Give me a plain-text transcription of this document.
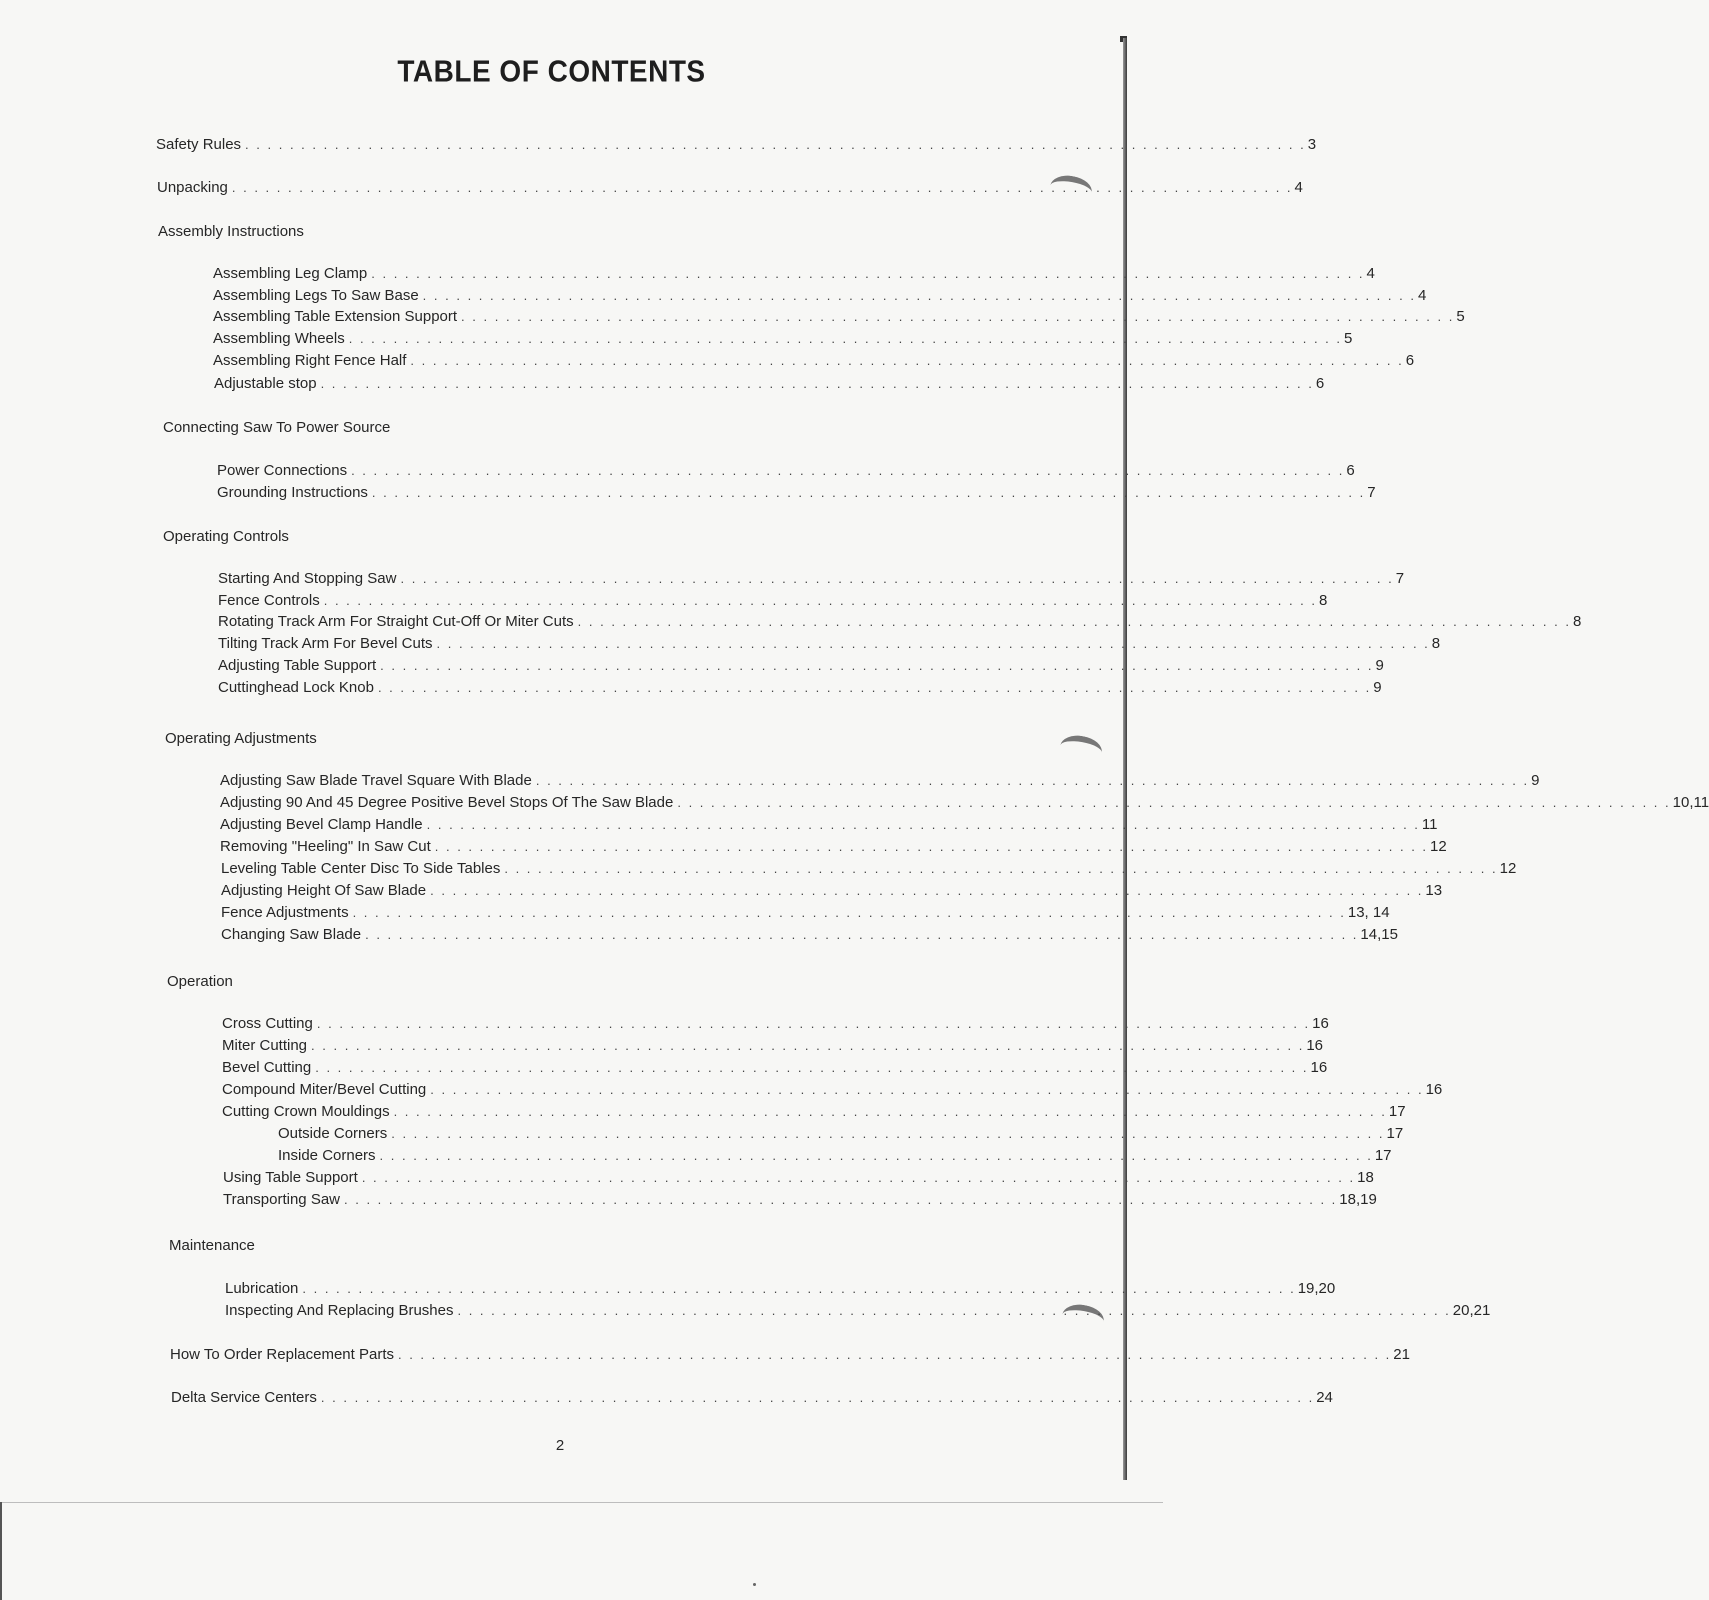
TABLE OF CONTENTS
Safety Rules . . . . . . . . . . . . . . . . . . . . . . . . . . . . . . . . . . . . . . . . . . . . . . . . . . . . . . . . . . . . . . . . . . . . . . . . . . . . . . . . . . . . . . . . . . . . . . . 3
Unpacking . . . . . . . . . . . . . . . . . . . . . . . . . . . . . . . . . . . . . . . . . . . . . . . . . . . . . . . . . . . . . . . . . . . . . . . . . . . . . . . . . . . . . . . . . . . . . . . 4
Assembly Instructions
Assembling Leg Clamp . . . . . . . . . . . . . . . . . . . . . . . . . . . . . . . . . . . . . . . . . . . . . . . . . . . . . . . . . . . . . . . . . . . . . . . . . . . . . . . . . . . . . . . . . 4
Assembling Legs To Saw Base . . . . . . . . . . . . . . . . . . . . . . . . . . . . . . . . . . . . . . . . . . . . . . . . . . . . . . . . . . . . . . . . . . . . . . . . . . . . . . . . . . . . . . . . . 4
Assembling Table Extension Support . . . . . . . . . . . . . . . . . . . . . . . . . . . . . . . . . . . . . . . . . . . . . . . . . . . . . . . . . . . . . . . . . . . . . . . . . . . . . . . . . . . . . . . . . 5
Assembling Wheels . . . . . . . . . . . . . . . . . . . . . . . . . . . . . . . . . . . . . . . . . . . . . . . . . . . . . . . . . . . . . . . . . . . . . . . . . . . . . . . . . . . . . . . . . 5
Assembling Right Fence Half . . . . . . . . . . . . . . . . . . . . . . . . . . . . . . . . . . . . . . . . . . . . . . . . . . . . . . . . . . . . . . . . . . . . . . . . . . . . . . . . . . . . . . . . . 6
Adjustable stop . . . . . . . . . . . . . . . . . . . . . . . . . . . . . . . . . . . . . . . . . . . . . . . . . . . . . . . . . . . . . . . . . . . . . . . . . . . . . . . . . . . . . . . . . 6
Connecting Saw To Power Source
Power Connections . . . . . . . . . . . . . . . . . . . . . . . . . . . . . . . . . . . . . . . . . . . . . . . . . . . . . . . . . . . . . . . . . . . . . . . . . . . . . . . . . . . . . . . . . 6
Grounding Instructions . . . . . . . . . . . . . . . . . . . . . . . . . . . . . . . . . . . . . . . . . . . . . . . . . . . . . . . . . . . . . . . . . . . . . . . . . . . . . . . . . . . . . . . . . 7
Operating Controls
Starting And Stopping Saw . . . . . . . . . . . . . . . . . . . . . . . . . . . . . . . . . . . . . . . . . . . . . . . . . . . . . . . . . . . . . . . . . . . . . . . . . . . . . . . . . . . . . . . . . 7
Fence Controls . . . . . . . . . . . . . . . . . . . . . . . . . . . . . . . . . . . . . . . . . . . . . . . . . . . . . . . . . . . . . . . . . . . . . . . . . . . . . . . . . . . . . . . . . 8
Rotating Track Arm For Straight Cut-Off Or Miter Cuts . . . . . . . . . . . . . . . . . . . . . . . . . . . . . . . . . . . . . . . . . . . . . . . . . . . . . . . . . . . . . . . . . . . . . . . . . . . . . . . . . . . . . . . . . 8
Tilting Track Arm For Bevel Cuts . . . . . . . . . . . . . . . . . . . . . . . . . . . . . . . . . . . . . . . . . . . . . . . . . . . . . . . . . . . . . . . . . . . . . . . . . . . . . . . . . . . . . . . . . 8
Adjusting Table Support . . . . . . . . . . . . . . . . . . . . . . . . . . . . . . . . . . . . . . . . . . . . . . . . . . . . . . . . . . . . . . . . . . . . . . . . . . . . . . . . . . . . . . . . . 9
Cuttinghead Lock Knob . . . . . . . . . . . . . . . . . . . . . . . . . . . . . . . . . . . . . . . . . . . . . . . . . . . . . . . . . . . . . . . . . . . . . . . . . . . . . . . . . . . . . . . . . 9
Operating Adjustments
Adjusting Saw Blade Travel Square With Blade . . . . . . . . . . . . . . . . . . . . . . . . . . . . . . . . . . . . . . . . . . . . . . . . . . . . . . . . . . . . . . . . . . . . . . . . . . . . . . . . . . . . . . . . . 9
Adjusting 90 And 45 Degree Positive Bevel Stops Of The Saw Blade . . . . . . . . . . . . . . . . . . . . . . . . . . . . . . . . . . . . . . . . . . . . . . . . . . . . . . . . . . . . . . . . . . . . . . . . . . . . . . . . . . . . . . . . . 10,11
Adjusting Bevel Clamp Handle . . . . . . . . . . . . . . . . . . . . . . . . . . . . . . . . . . . . . . . . . . . . . . . . . . . . . . . . . . . . . . . . . . . . . . . . . . . . . . . . . . . . . . . . . 11
Removing "Heeling" In Saw Cut . . . . . . . . . . . . . . . . . . . . . . . . . . . . . . . . . . . . . . . . . . . . . . . . . . . . . . . . . . . . . . . . . . . . . . . . . . . . . . . . . . . . . . . . . 12
Leveling Table Center Disc To Side Tables . . . . . . . . . . . . . . . . . . . . . . . . . . . . . . . . . . . . . . . . . . . . . . . . . . . . . . . . . . . . . . . . . . . . . . . . . . . . . . . . . . . . . . . . . 12
Adjusting Height Of Saw Blade . . . . . . . . . . . . . . . . . . . . . . . . . . . . . . . . . . . . . . . . . . . . . . . . . . . . . . . . . . . . . . . . . . . . . . . . . . . . . . . . . . . . . . . . . 13
Fence Adjustments . . . . . . . . . . . . . . . . . . . . . . . . . . . . . . . . . . . . . . . . . . . . . . . . . . . . . . . . . . . . . . . . . . . . . . . . . . . . . . . . . . . . . . . . . 13, 14
Changing Saw Blade . . . . . . . . . . . . . . . . . . . . . . . . . . . . . . . . . . . . . . . . . . . . . . . . . . . . . . . . . . . . . . . . . . . . . . . . . . . . . . . . . . . . . . . . . 14,15
Operation
Cross Cutting . . . . . . . . . . . . . . . . . . . . . . . . . . . . . . . . . . . . . . . . . . . . . . . . . . . . . . . . . . . . . . . . . . . . . . . . . . . . . . . . . . . . . . . . . 16
Miter Cutting . . . . . . . . . . . . . . . . . . . . . . . . . . . . . . . . . . . . . . . . . . . . . . . . . . . . . . . . . . . . . . . . . . . . . . . . . . . . . . . . . . . . . . . . . 16
Bevel Cutting . . . . . . . . . . . . . . . . . . . . . . . . . . . . . . . . . . . . . . . . . . . . . . . . . . . . . . . . . . . . . . . . . . . . . . . . . . . . . . . . . . . . . . . . . 16
Compound Miter/Bevel Cutting . . . . . . . . . . . . . . . . . . . . . . . . . . . . . . . . . . . . . . . . . . . . . . . . . . . . . . . . . . . . . . . . . . . . . . . . . . . . . . . . . . . . . . . . . 16
Cutting Crown Mouldings . . . . . . . . . . . . . . . . . . . . . . . . . . . . . . . . . . . . . . . . . . . . . . . . . . . . . . . . . . . . . . . . . . . . . . . . . . . . . . . . . . . . . . . . . 17
Outside Corners . . . . . . . . . . . . . . . . . . . . . . . . . . . . . . . . . . . . . . . . . . . . . . . . . . . . . . . . . . . . . . . . . . . . . . . . . . . . . . . . . . . . . . . . . 17
Inside Corners . . . . . . . . . . . . . . . . . . . . . . . . . . . . . . . . . . . . . . . . . . . . . . . . . . . . . . . . . . . . . . . . . . . . . . . . . . . . . . . . . . . . . . . . . 17
Using Table Support . . . . . . . . . . . . . . . . . . . . . . . . . . . . . . . . . . . . . . . . . . . . . . . . . . . . . . . . . . . . . . . . . . . . . . . . . . . . . . . . . . . . . . . . . 18
Transporting Saw . . . . . . . . . . . . . . . . . . . . . . . . . . . . . . . . . . . . . . . . . . . . . . . . . . . . . . . . . . . . . . . . . . . . . . . . . . . . . . . . . . . . . . . . . 18,19
Maintenance
Lubrication . . . . . . . . . . . . . . . . . . . . . . . . . . . . . . . . . . . . . . . . . . . . . . . . . . . . . . . . . . . . . . . . . . . . . . . . . . . . . . . . . . . . . . . . . 19,20
Inspecting And Replacing Brushes . . . . . . . . . . . . . . . . . . . . . . . . . . . . . . . . . . . . . . . . . . . . . . . . . . . . . . . . . . . . . . . . . . . . . . . . . . . . . . . . . . . . . . . . . 20,21
How To Order Replacement Parts . . . . . . . . . . . . . . . . . . . . . . . . . . . . . . . . . . . . . . . . . . . . . . . . . . . . . . . . . . . . . . . . . . . . . . . . . . . . . . . . . . . . . . . . . 21
Delta Service Centers . . . . . . . . . . . . . . . . . . . . . . . . . . . . . . . . . . . . . . . . . . . . . . . . . . . . . . . . . . . . . . . . . . . . . . . . . . . . . . . . . . . . . . . . . 24
2
